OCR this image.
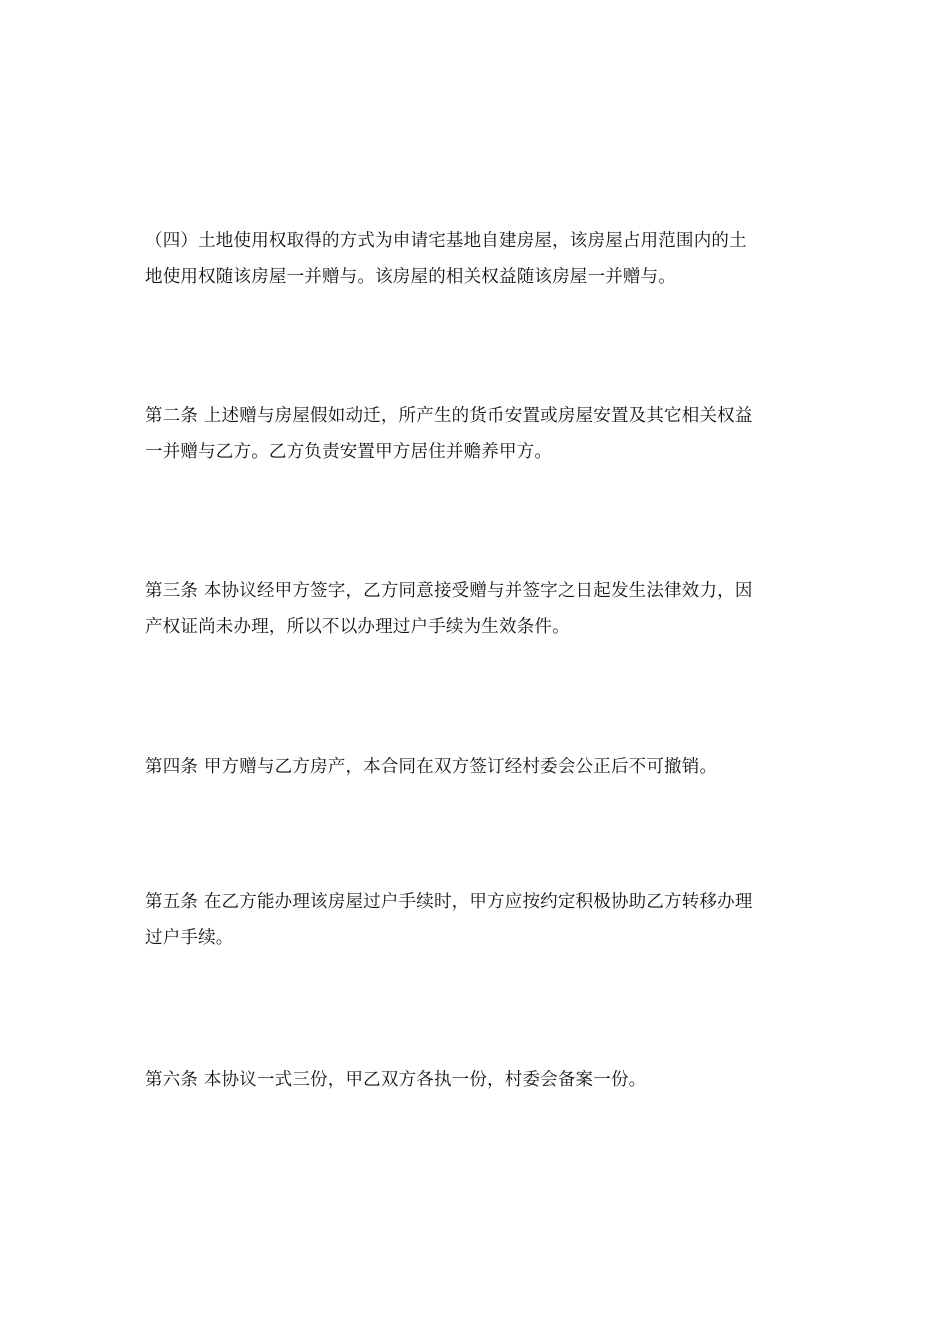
（四）土地使用权取得的方式为申请宅基地自建房屋，该房屋占用范围内的土
地使用权随该房屋一并赠与。该房屋的相关权益随该房屋一并赠与。

第二条 上述赠与房屋假如动迁，所产生的货币安置或房屋安置及其它相关权益
一并赠与乙方。乙方负责安置甲方居住并赡养甲方。

第三条 本协议经甲方签字，乙方同意接受赠与并签字之日起发生法律效力，因
产权证尚未办理，所以不以办理过户手续为生效条件。

第四条 甲方赠与乙方房产，本合同在双方签订经村委会公正后不可撤销。

第五条 在乙方能办理该房屋过户手续时，甲方应按约定积极协助乙方转移办理
过户手续。

第六条 本协议一式三份，甲乙双方各执一份，村委会备案一份。
